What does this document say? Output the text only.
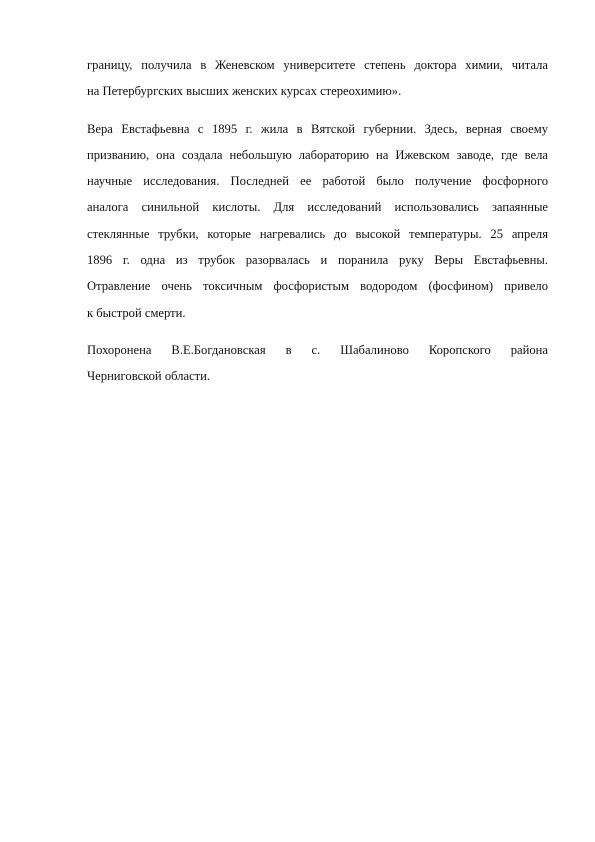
границу, получила в Женевском университете степень доктора химии, читала
на Петербургских высших женских курсах стереохимию».
Вера Евстафьевна с 1895 г. жила в Вятской губернии. Здесь, верная своему
призванию, она создала небольшую лабораторию на Ижевском заводе, где вела
научные исследования. Последней ее работой было получение фосфорного
аналога синильной кислоты. Для исследований использовались запаянные
стеклянные трубки, которые нагревались до высокой температуры. 25 апреля
1896 г. одна из трубок разорвалась и поранила руку Веры Евстафьевны.
Отравление очень токсичным фосфористым водородом (фосфином) привело
к быстрой смерти.
Похоронена В.Е.Богдановская в с. Шабалиново Коропского района
Черниговской области.
